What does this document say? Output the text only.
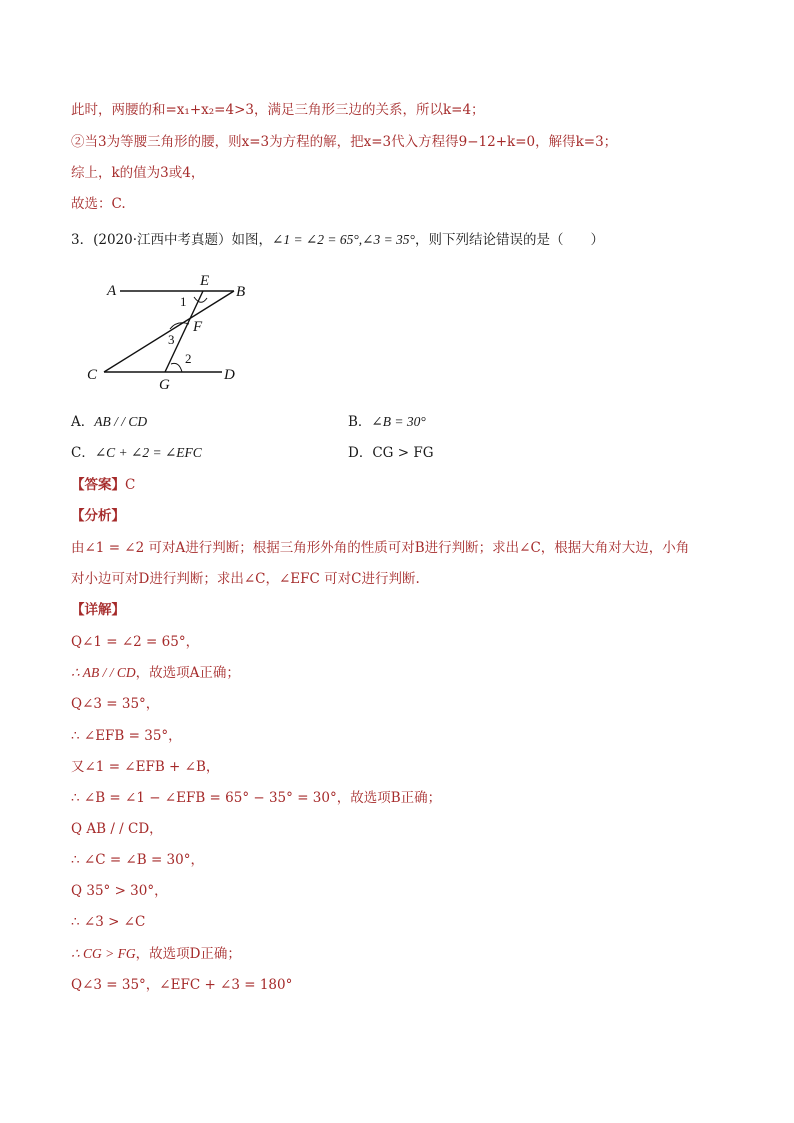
此时，两腰的和=x₁+x₂=4>3，满足三角形三边的关系，所以k=4；
②当3为等腰三角形的腰，则x=3为方程的解，把x=3代入方程得9−12+k=0，解得k=3；
综上，k的值为3或4，
故选：C.
3．(2020·江西中考真题）如图，∠1 = ∠2 = 65°,∠3 = 35°，则下列结论错误的是（　　）
A
E
B
1
F
3
2
C
G
D
A．AB / / CD	B．∠B = 30°
C．∠C + ∠2 = ∠EFC	D．CG > FG
【答案】C
【分析】
由∠1 = ∠2 可对A进行判断；根据三角形外角的性质可对B进行判断；求出∠C，根据大角对大边，小角
对小边可对D进行判断；求出∠C，∠EFC 可对C进行判断.
【详解】
Q∠1 = ∠2 = 65°，
∴ AB / / CD，故选项A正确；
Q∠3 = 35°，
∴ ∠EFB = 35°，
又∠1 = ∠EFB + ∠B，
∴ ∠B = ∠1 − ∠EFB = 65° − 35° = 30°，故选项B正确；
Q AB / / CD，
∴ ∠C = ∠B = 30°，
Q 35° > 30°，
∴ ∠3 > ∠C
∴ CG > FG，故选项D正确；
Q∠3 = 35°，∠EFC + ∠3 = 180°
